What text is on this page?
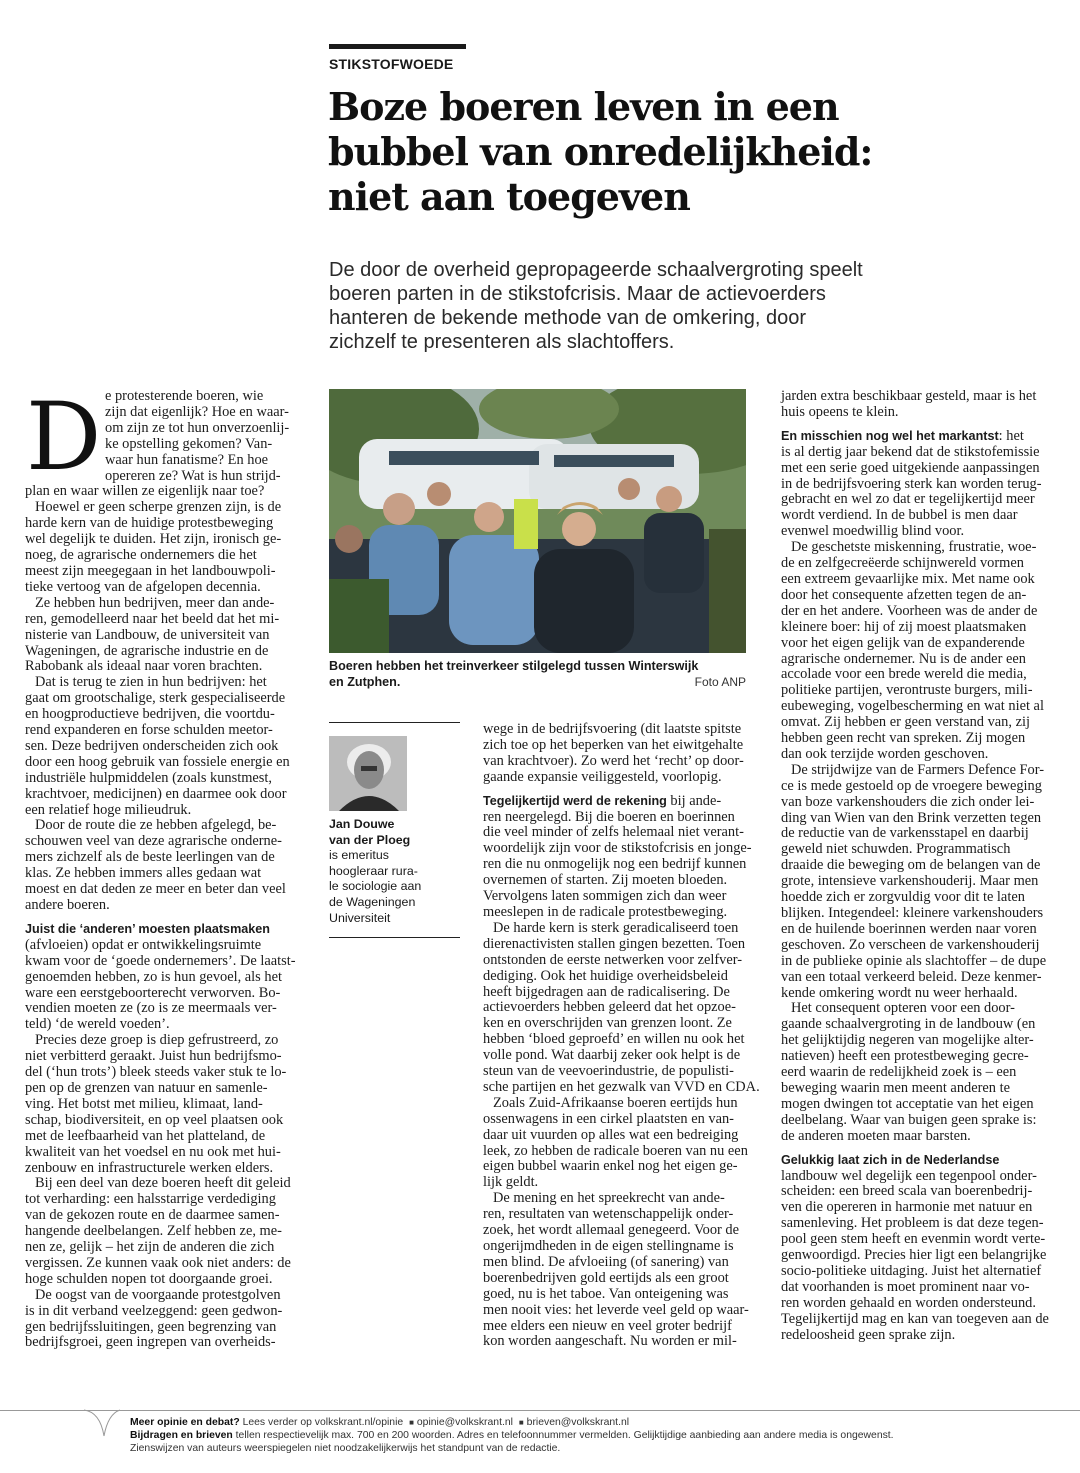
STIKSTOFWOEDE
Boze boeren leven in een
bubbel van onredelijkheid:
niet aan toegeven
De door de overheid gepropageerde schaalvergroting speelt
boeren parten in de stikstofcrisis. Maar de actievoerders
hanteren de bekende methode van de omkering, door
zichzelf te presenteren als slachtoffers.
D e protesterende boeren, wie
zijn dat eigenlijk? Hoe en waar-
om zijn ze tot hun onverzoenlij-
ke opstelling gekomen? Van-
waar hun fanatisme? En hoe
opereren ze? Wat is hun strijd-
plan en waar willen ze eigenlijk naar toe?
Hoewel er geen scherpe grenzen zijn, is de
harde kern van de huidige protestbeweging
wel degelijk te duiden. Het zijn, ironisch ge-
noeg, de agrarische ondernemers die het
meest zijn meegegaan in het landbouwpoli-
tieke vertoog van de afgelopen decennia.
Ze hebben hun bedrijven, meer dan ande-
ren, gemodelleerd naar het beeld dat het mi-
nisterie van Landbouw, de universiteit van
Wageningen, de agrarische industrie en de
Rabobank als ideaal naar voren brachten.
Dat is terug te zien in hun bedrijven: het
gaat om grootschalige, sterk gespecialiseerde
en hoogproductieve bedrijven, die voortdu-
rend expanderen en forse schulden meetor-
sen. Deze bedrijven onderscheiden zich ook
door een hoog gebruik van fossiele energie en
industriële hulpmiddelen (zoals kunstmest,
krachtvoer, medicijnen) en daarmee ook door
een relatief hoge milieudruk.
Door de route die ze hebben afgelegd, be-
schouwen veel van deze agrarische onderne-
mers zichzelf als de beste leerlingen van de
klas. Ze hebben immers alles gedaan wat
moest en dat deden ze meer en beter dan veel
andere boeren.
Juist die ‘anderen’ moesten plaatsmaken
(afvloeien) opdat er ontwikkelingsruimte
kwam voor de ‘goede ondernemers’. De laatst-
genoemden hebben, zo is hun gevoel, als het
ware een eerstgeboorterecht verworven. Bo-
vendien moeten ze (zo is ze meermaals ver-
teld) ‘de wereld voeden’.
Precies deze groep is diep gefrustreerd, zo
niet verbitterd geraakt. Juist hun bedrijfsmo-
del (‘hun trots’) bleek steeds vaker stuk te lo-
pen op de grenzen van natuur en samenle-
ving. Het botst met milieu, klimaat, land-
schap, biodiversiteit, en op veel plaatsen ook
met de leefbaarheid van het platteland, de
kwaliteit van het voedsel en nu ook met hui-
zenbouw en infrastructurele werken elders.
Bij een deel van deze boeren heeft dit geleid
tot verharding: een halsstarrige verdediging
van de gekozen route en de daarmee samen-
hangende deelbelangen. Zelf hebben ze, me-
nen ze, gelijk – het zijn de anderen die zich
vergissen. Ze kunnen vaak ook niet anders: de
hoge schulden nopen tot doorgaande groei.
De oogst van de voorgaande protestgolven
is in dit verband veelzeggend: geen gedwon-
gen bedrijfssluitingen, geen begrenzing van
bedrijfsgroei, geen ingrepen van overheids-
Boeren hebben het treinverkeer stilgelegd tussen Winterswijk
en Zutphen.	Foto ANP
Jan Douwe
van der Ploeg
is emeritus
hoogleraar rura-
le sociologie aan
de Wageningen
Universiteit
wege in de bedrijfsvoering (dit laatste spitste
zich toe op het beperken van het eiwitgehalte
van krachtvoer). Zo werd het ‘recht’ op door-
gaande expansie veiliggesteld, voorlopig.
Tegelijkertijd werd de rekening bij ande-
ren neergelegd. Bij die boeren en boerinnen
die veel minder of zelfs helemaal niet verant-
woordelijk zijn voor de stikstofcrisis en jonge-
ren die nu onmogelijk nog een bedrijf kunnen
overnemen of starten. Zij moeten bloeden.
Vervolgens laten sommigen zich dan weer
meeslepen in de radicale protestbeweging.
De harde kern is sterk geradicaliseerd toen
dierenactivisten stallen gingen bezetten. Toen
ontstonden de eerste netwerken voor zelfver-
dediging. Ook het huidige overheidsbeleid
heeft bijgedragen aan de radicalisering. De
actievoerders hebben geleerd dat het opzoe-
ken en overschrijden van grenzen loont. Ze
hebben ‘bloed geproefd’ en willen nu ook het
volle pond. Wat daarbij zeker ook helpt is de
steun van de veevoerindustrie, de populisti-
sche partijen en het gezwalk van VVD en CDA.
Zoals Zuid-Afrikaanse boeren eertijds hun
ossenwagens in een cirkel plaatsten en van-
daar uit vuurden op alles wat een bedreiging
leek, zo hebben de radicale boeren van nu een
eigen bubbel waarin enkel nog het eigen ge-
lijk geldt.
De mening en het spreekrecht van ande-
ren, resultaten van wetenschappelijk onder-
zoek, het wordt allemaal genegeerd. Voor de
ongerijmdheden in de eigen stellingname is
men blind. De afvloeiing (of sanering) van
boerenbedrijven gold eertijds als een groot
goed, nu is het taboe. Van onteigening was
men nooit vies: het leverde veel geld op waar-
mee elders een nieuw en veel groter bedrijf
kon worden aangeschaft. Nu worden er mil-
jarden extra beschikbaar gesteld, maar is het
huis opeens te klein.
En misschien nog wel het markantst: het
is al dertig jaar bekend dat de stikstofemissie
met een serie goed uitgekiende aanpassingen
in de bedrijfsvoering sterk kan worden terug-
gebracht en wel zo dat er tegelijkertijd meer
wordt verdiend. In de bubbel is men daar
evenwel moedwillig blind voor.
De geschetste miskenning, frustratie, woe-
de en zelfgecreëerde schijnwereld vormen
een extreem gevaarlijke mix. Met name ook
door het consequente afzetten tegen de an-
der en het andere. Voorheen was de ander de
kleinere boer: hij of zij moest plaatsmaken
voor het eigen gelijk van de expanderende
agrarische ondernemer. Nu is de ander een
accolade voor een brede wereld die media,
politieke partijen, verontruste burgers, mili-
eubeweging, vogelbescherming en wat niet al
omvat. Zij hebben er geen verstand van, zij
hebben geen recht van spreken. Zij mogen
dan ook terzijde worden geschoven.
De strijdwijze van de Farmers Defence For-
ce is mede gestoeld op de vroegere beweging
van boze varkenshouders die zich onder lei-
ding van Wien van den Brink verzetten tegen
de reductie van de varkensstapel en daarbij
geweld niet schuwden. Programmatisch
draaide die beweging om de belangen van de
grote, intensieve varkenshouderij. Maar men
hoedde zich er zorgvuldig voor dit te laten
blijken. Integendeel: kleinere varkenshouders
en de huilende boerinnen werden naar voren
geschoven. Zo verscheen de varkenshouderij
in de publieke opinie als slachtoffer – de dupe
van een totaal verkeerd beleid. Deze kenmer-
kende omkering wordt nu weer herhaald.
Het consequent opteren voor een door-
gaande schaalvergroting in de landbouw (en
het gelijktijdig negeren van mogelijke alter-
natieven) heeft een protestbeweging gecre-
eerd waarin de redelijkheid zoek is – een
beweging waarin men meent anderen te
mogen dwingen tot acceptatie van het eigen
deelbelang. Waar van buigen geen sprake is:
de anderen moeten maar barsten.
Gelukkig laat zich in de Nederlandse
landbouw wel degelijk een tegenpool onder-
scheiden: een breed scala van boerenbedrij-
ven die opereren in harmonie met natuur en
samenleving. Het probleem is dat deze tegen-
pool geen stem heeft en evenmin wordt verte-
genwoordigd. Precies hier ligt een belangrijke
socio-politieke uitdaging. Juist het alternatief
dat voorhanden is moet prominent naar vo-
ren worden gehaald en worden ondersteund.
Tegelijkertijd mag en kan van toegeven aan de
redeloosheid geen sprake zijn.
Meer opinie en debat? Lees verder op volkskrant.nl/opinie ■ opinie@volkskrant.nl ■ brieven@volkskrant.nl
Bijdragen en brieven tellen respectievelijk max. 700 en 200 woorden. Adres en telefoonnummer vermelden. Gelijktijdige aanbieding aan andere media is ongewenst.
Zienswijzen van auteurs weerspiegelen niet noodzakelijkerwijs het standpunt van de redactie.
